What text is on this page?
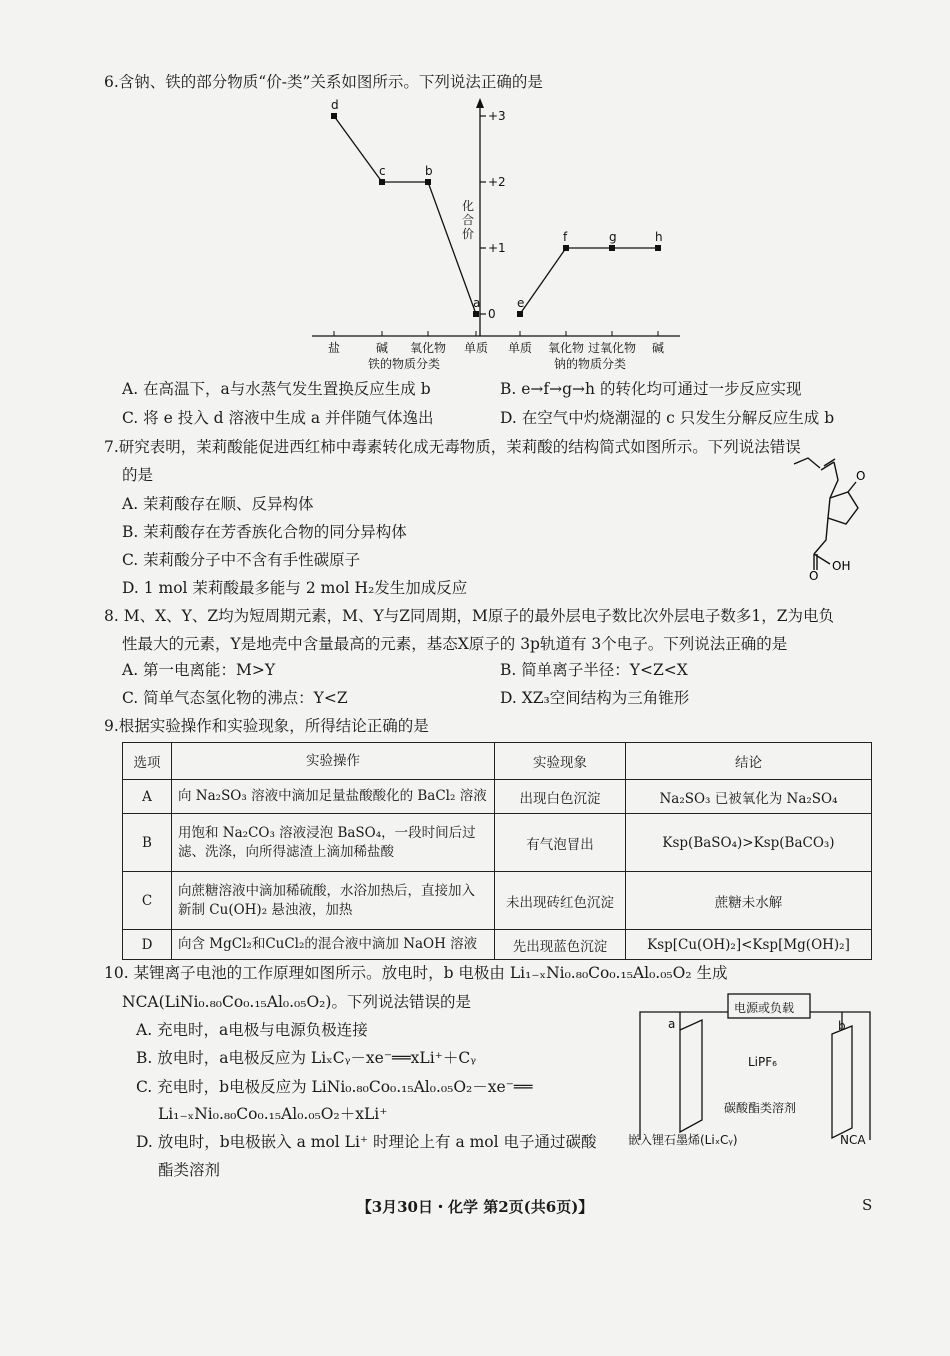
6.含钠、铁的部分物质“价-类”关系如图所示。下列说法正确的是
化
合
价
+3
+2
+1
0
盐	碱 氧化物 单质
铁的物质分类
d
c	b
a
单质 氧化物 过氧化物 碱
钠的物质分类
e
f	g	h
A. 在高温下，a与水蒸气发生置换反应生成 b	B. e→f→g→h 的转化均可通过一步反应实现
C. 将 e 投入 d 溶液中生成 a 并伴随气体逸出	D. 在空气中灼烧潮湿的 c 只发生分解反应生成 b
7.研究表明，茉莉酸能促进西红柿中毒素转化成无毒物质，茉莉酸的结构简式如图所示。下列说法错误
的是
A. 茉莉酸存在顺、反异构体
B. 茉莉酸存在芳香族化合物的同分异构体
C. 茉莉酸分子中不含有手性碳原子
D. 1 mol 茉莉酸最多能与 2 mol H₂发生加成反应
O
OH
O
8. M、X、Y、Z均为短周期元素，M、Y与Z同周期，M原子的最外层电子数比次外层电子数多1，Z为电负
性最大的元素，Y是地壳中含量最高的元素，基态X原子的 3p轨道有 3个电子。下列说法正确的是
A. 第一电离能：M>Y	B. 简单离子半径：Y<Z<X
C. 简单气态氢化物的沸点：Y<Z	D. XZ₃空间结构为三角锥形
9.根据实验操作和实验现象，所得结论正确的是
选项	实验操作	实验现象	结论
A	向 Na₂SO₃ 溶液中滴加足量盐酸酸化的 BaCl₂ 溶液	出现白色沉淀	Na₂SO₃ 已被氧化为 Na₂SO₄
B	用饱和 Na₂CO₃ 溶液浸泡 BaSO₄，一段时间后过滤、洗涤，向所得滤渣上滴加稀盐酸	有气泡冒出	Ksp(BaSO₄)>Ksp(BaCO₃)
C	向蔗糖溶液中滴加稀硫酸，水浴加热后，直接加入新制 Cu(OH)₂ 悬浊液，加热	未出现砖红色沉淀	蔗糖未水解
D	向含 MgCl₂和CuCl₂的混合液中滴加 NaOH 溶液	先出现蓝色沉淀	Ksp[Cu(OH)₂]<Ksp[Mg(OH)₂]
10. 某锂离子电池的工作原理如图所示。放电时，b 电极由 Li₁₋ₓNi₀.₈₀Co₀.₁₅Al₀.₀₅O₂ 生成
NCA(LiNi₀.₈₀Co₀.₁₅Al₀.₀₅O₂)。下列说法错误的是
A. 充电时，a电极与电源负极连接
B. 放电时，a电极反应为 LiₓCᵧ－xe⁻══xLi⁺＋Cᵧ
C. 充电时，b电极反应为 LiNi₀.₈₀Co₀.₁₅Al₀.₀₅O₂－xe⁻══
Li₁₋ₓNi₀.₈₀Co₀.₁₅Al₀.₀₅O₂＋xLi⁺
D. 放电时，b电极嵌入 a mol Li⁺ 时理论上有 a mol 电子通过碳酸
酯类溶剂
电源或负载
a	b
LiPF₆
碳酸酯类溶剂
嵌入锂石墨烯(LiₓCᵧ)	NCA
【3月30日・化学 第2页(共6页)】	S
